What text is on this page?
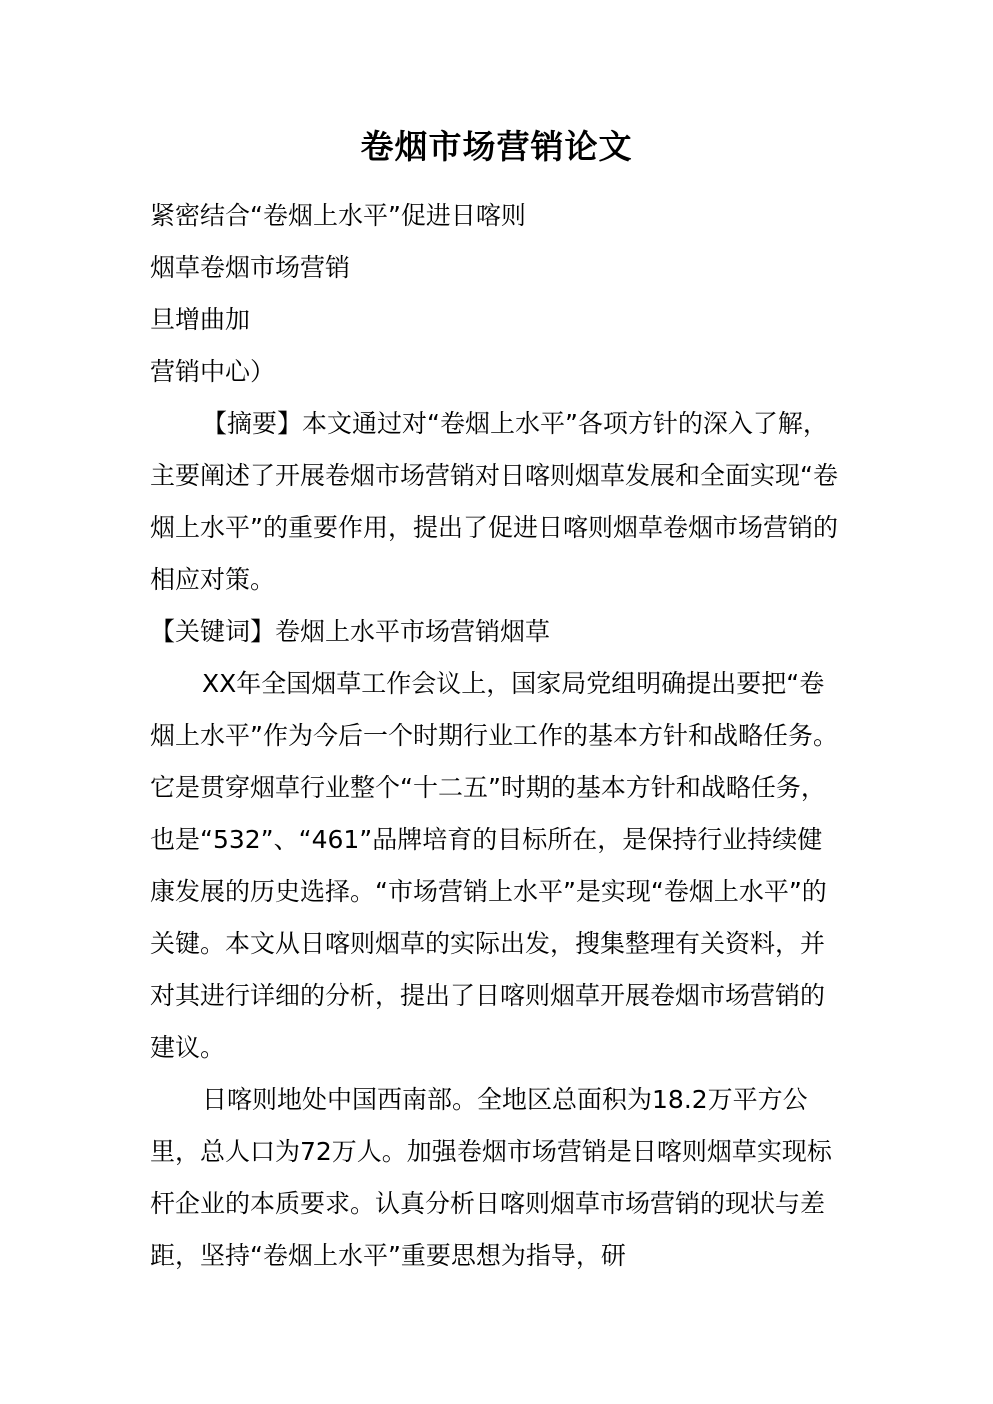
卷烟市场营销论文

紧密结合“卷烟上水平”促进日喀则

烟草卷烟市场营销

旦增曲加

营销中心）

【摘要】本文通过对“卷烟上水平”各项方针的深入了解，主要阐述了开展卷烟市场营销对日喀则烟草发展和全面实现“卷烟上水平”的重要作用，提出了促进日喀则烟草卷烟市场营销的相应对策。

【关键词】卷烟上水平市场营销烟草

XX年全国烟草工作会议上，国家局党组明确提出要把“卷烟上水平”作为今后一个时期行业工作的基本方针和战略任务。它是贯穿烟草行业整个“十二五”时期的基本方针和战略任务，也是“532”、“461”品牌培育的目标所在，是保持行业持续健康发展的历史选择。“市场营销上水平”是实现“卷烟上水平”的关键。本文从日喀则烟草的实际出发，搜集整理有关资料，并对其进行详细的分析，提出了日喀则烟草开展卷烟市场营销的建议。

日喀则地处中国西南部。全地区总面积为18.2万平方公里，总人口为72万人。加强卷烟市场营销是日喀则烟草实现标杆企业的本质要求。认真分析日喀则烟草市场营销的现状与差距，坚持“卷烟上水平”重要思想为指导，研
